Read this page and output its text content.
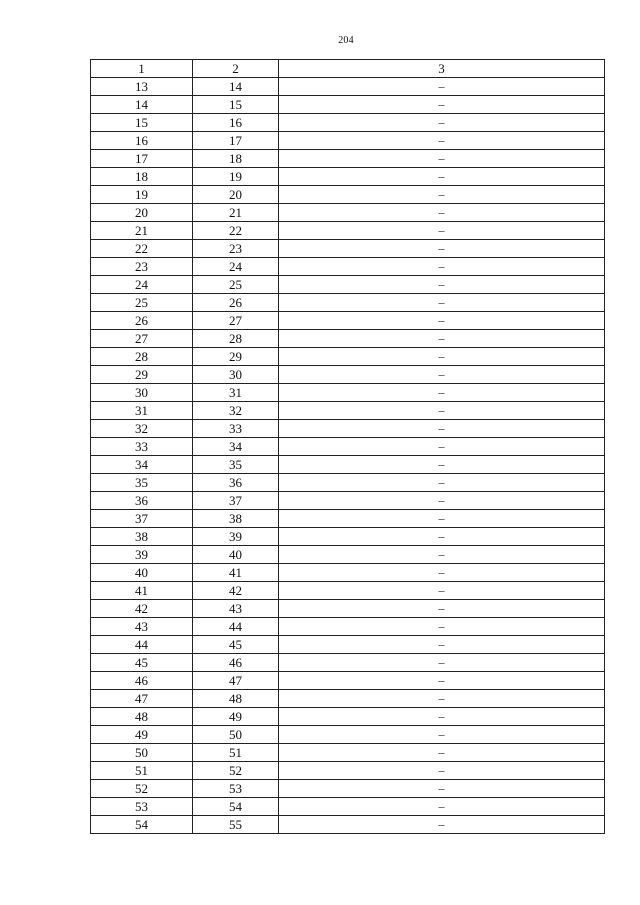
204
1	2	3
13	14	–
14	15	–
15	16	–
16	17	–
17	18	–
18	19	–
19	20	–
20	21	–
21	22	–
22	23	–
23	24	–
24	25	–
25	26	–
26	27	–
27	28	–
28	29	–
29	30	–
30	31	–
31	32	–
32	33	–
33	34	–
34	35	–
35	36	–
36	37	–
37	38	–
38	39	–
39	40	–
40	41	–
41	42	–
42	43	–
43	44	–
44	45	–
45	46	–
46	47	–
47	48	–
48	49	–
49	50	–
50	51	–
51	52	–
52	53	–
53	54	–
54	55	–
